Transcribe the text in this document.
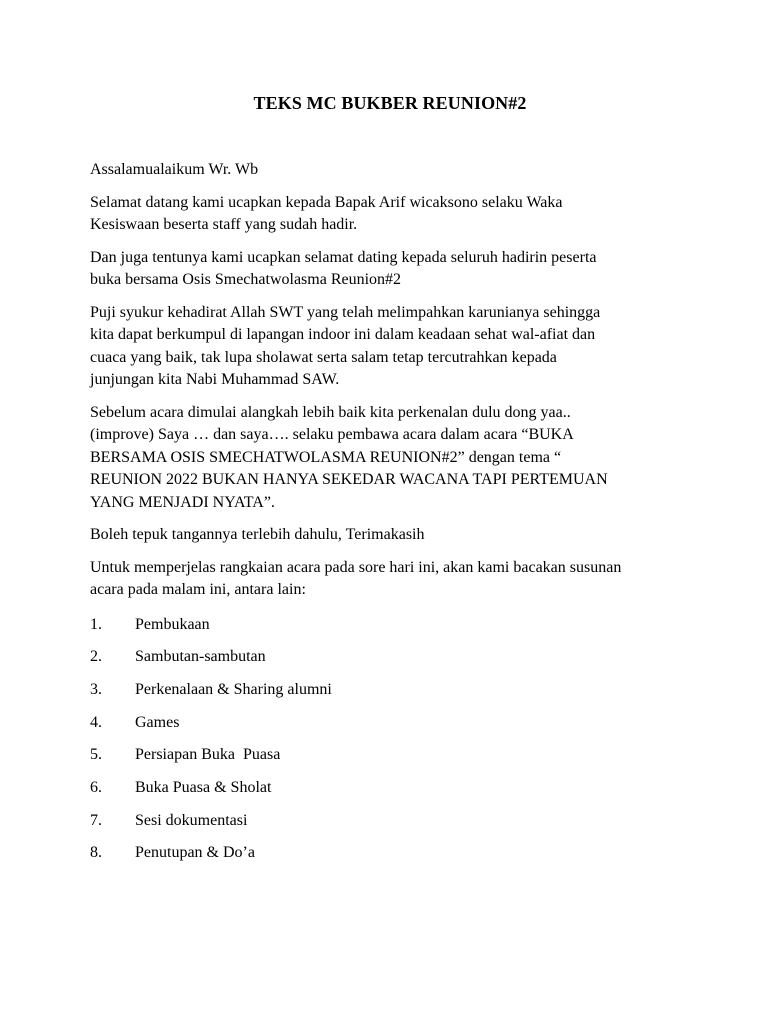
TEKS MC BUKBER REUNION#2
Assalamualaikum Wr. Wb
Selamat datang kami ucapkan kepada Bapak Arif wicaksono selaku Waka
Kesiswaan beserta staff yang sudah hadir.
Dan juga tentunya kami ucapkan selamat dating kepada seluruh hadirin peserta
buka bersama Osis Smechatwolasma Reunion#2
Puji syukur kehadirat Allah SWT yang telah melimpahkan karunianya sehingga
kita dapat berkumpul di lapangan indoor ini dalam keadaan sehat wal-afiat dan
cuaca yang baik, tak lupa sholawat serta salam tetap tercutrahkan kepada
junjungan kita Nabi Muhammad SAW.
Sebelum acara dimulai alangkah lebih baik kita perkenalan dulu dong yaa..
(improve) Saya … dan saya…. selaku pembawa acara dalam acara “BUKA
BERSAMA OSIS SMECHATWOLASMA REUNION#2” dengan tema “
REUNION 2022 BUKAN HANYA SEKEDAR WACANA TAPI PERTEMUAN
YANG MENJADI NYATA”.
Boleh tepuk tangannya terlebih dahulu, Terimakasih
Untuk memperjelas rangkaian acara pada sore hari ini, akan kami bacakan susunan
acara pada malam ini, antara lain:
1.	Pembukaan
2.	Sambutan-sambutan
3.	Perkenalaan & Sharing alumni
4.	Games
5.	Persiapan Buka  Puasa
6.	Buka Puasa & Sholat
7.	Sesi dokumentasi
8.	Penutupan & Do’a
